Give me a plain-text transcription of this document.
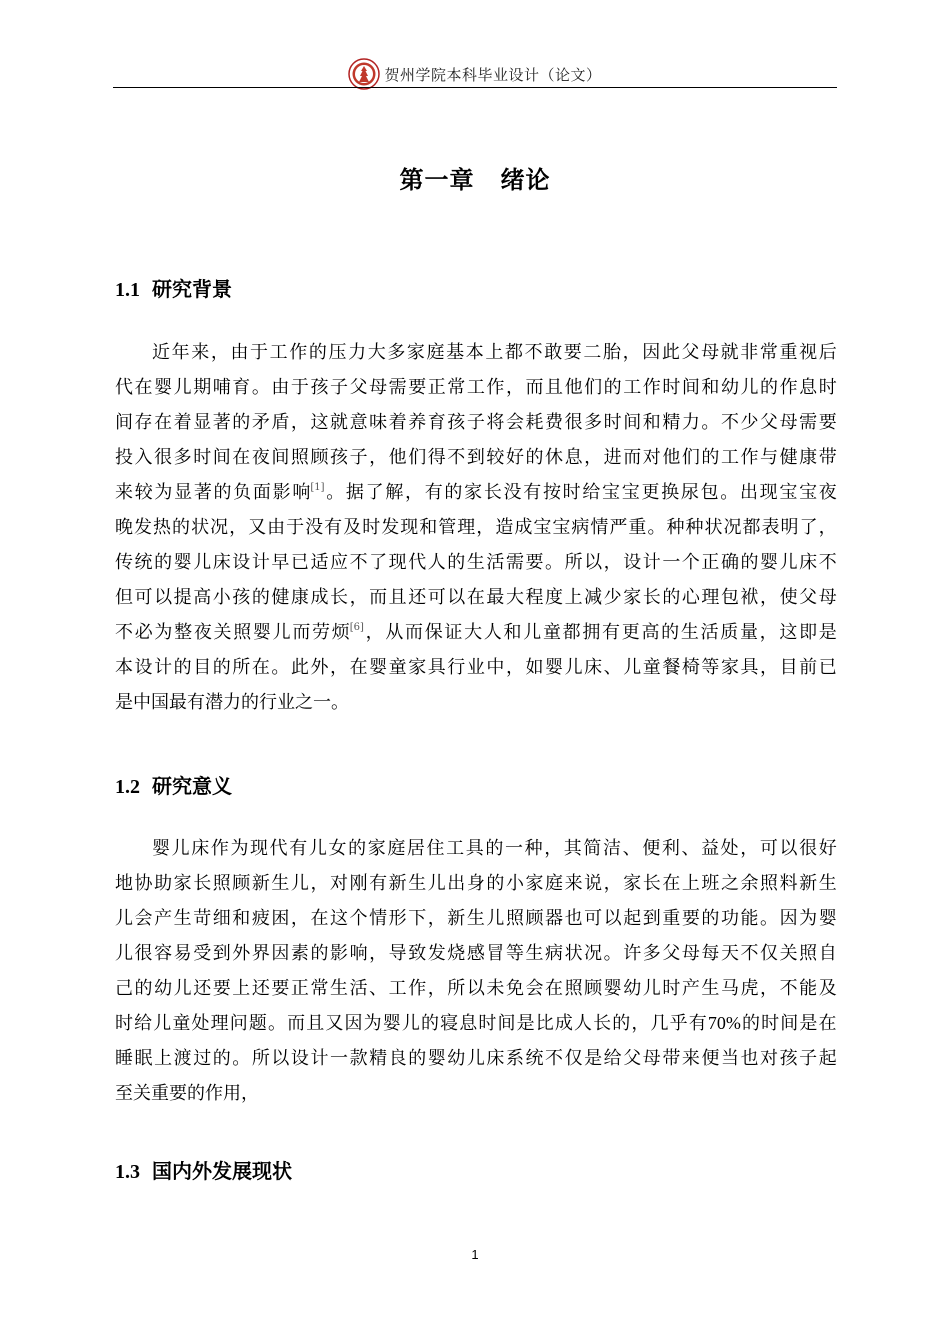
贺州学院本科毕业设计（论文）
第一章 绪论
1.1 研究背景
近 年 来 ， 由 于 工 作 的 压 力 大 多 家 庭 基 本 上 都 不 敢 要 二 胎 ， 因 此 父 母 就 非 常 重 视 后
代 在 婴 儿 期 哺 育 。 由 于 孩 子 父 母 需 要 正 常 工 作 ， 而 且 他 们 的 工 作 时 间 和 幼 儿 的 作 息 时
间 存 在 着 显 著 的 矛 盾 ， 这 就 意 味 着 养 育 孩 子 将 会 耗 费 很 多 时 间 和 精 力 。 不 少 父 母 需 要
投 入 很 多 时 间 在 夜 间 照 顾 孩 子 ， 他 们 得 不 到 较 好 的 休 息 ， 进 而 对 他 们 的 工 作 与 健 康 带
来 较 为 显 著 的 负 面 影 响[1] 。 据 了 解 ， 有 的 家 长 没 有 按 时 给 宝 宝 更 换 尿 包 。 出 现 宝 宝 夜
晚 发 热 的 状 况 ， 又 由 于 没 有 及 时 发 现 和 管 理 ， 造 成 宝 宝 病 情 严 重 。 种 种 状 况 都 表 明 了 ，
传 统 的 婴 儿 床 设 计 早 已 适 应 不 了 现 代 人 的 生 活 需 要 。 所 以 ， 设 计 一 个 正 确 的 婴 儿 床 不
但 可 以 提 高 小 孩 的 健 康 成 长 ， 而 且 还 可 以 在 最 大 程 度 上 减 少 家 长 的 心 理 包 袱 ， 使 父 母
不 必 为 整 夜 关 照 婴 儿 而 劳 烦[6] ， 从 而 保 证 大 人 和 儿 童 都 拥 有 更 高 的 生 活 质 量 ， 这 即 是
本 设 计 的 目 的 所 在 。 此 外 ， 在 婴 童 家 具 行 业 中 ， 如 婴 儿 床 、 儿 童 餐 椅 等 家 具 ， 目 前 已
是 中 国 最 有 潜 力 的 行 业 之 一 。
1.2 研究意义
婴 儿 床 作 为 现 代 有 儿 女 的 家 庭 居 住 工 具 的 一 种 ， 其 简 洁 、 便 利 、 益 处 ， 可 以 很 好
地 协 助 家 长 照 顾 新 生 儿 ， 对 刚 有 新 生 儿 出 身 的 小 家 庭 来 说 ， 家 长 在 上 班 之 余 照 料 新 生
儿 会 产 生 苛 细 和 疲 困 ， 在 这 个 情 形 下 ， 新 生 儿 照 顾 器 也 可 以 起 到 重 要 的 功 能 。 因 为 婴
儿 很 容 易 受 到 外 界 因 素 的 影 响 ， 导 致 发 烧 感 冒 等 生 病 状 况 。 许 多 父 母 每 天 不 仅 关 照 自
己 的 幼 儿 还 要 上 还 要 正 常 生 活 、 工 作 ， 所 以 未 免 会 在 照 顾 婴 幼 儿 时 产 生 马 虎 ， 不 能 及
时 给 儿 童 处 理 问 题 。 而 且 又 因 为 婴 儿 的 寝 息 时 间 是 比 成 人 长 的 ， 几 乎 有 70% 的 时 间 是 在
睡 眠 上 渡 过 的 。 所 以 设 计 一 款 精 良 的 婴 幼 儿 床 系 统 不 仅 是 给 父 母 带 来 便 当 也 对 孩 子 起
至 关 重 要 的 作 用 ，
1.3 国内外发展现状
1
